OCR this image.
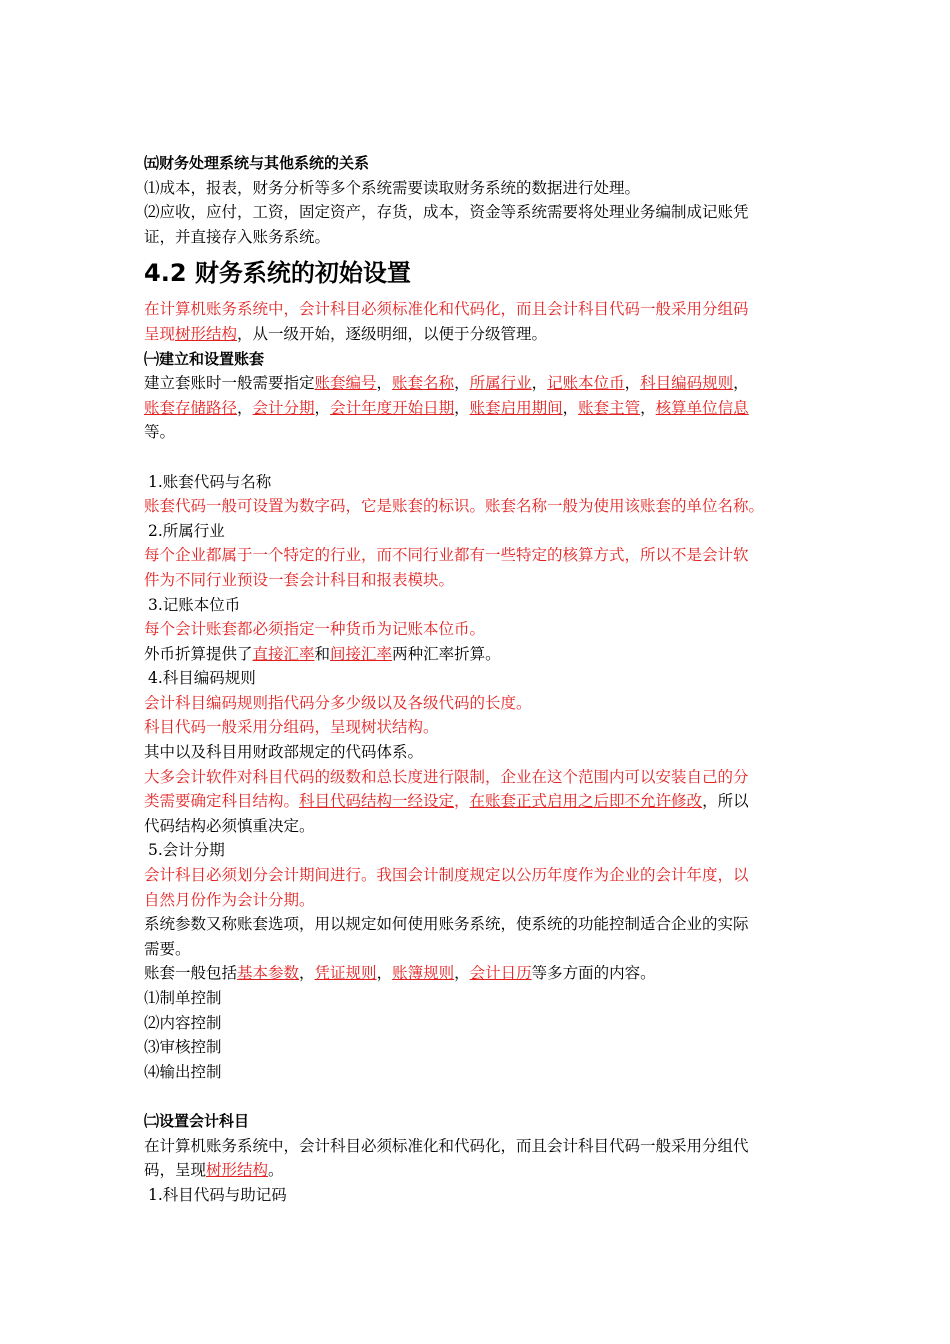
㈤财务处理系统与其他系统的关系
⑴成本，报表，财务分析等多个系统需要读取财务系统的数据进行处理。
⑵应收，应付，工资，固定资产，存货，成本，资金等系统需要将处理业务编制成记账凭
证，并直接存入账务系统。
4.2 财务系统的初始设置
在计算机账务系统中，会计科目必须标准化和代码化，而且会计科目代码一般采用分组码
呈现树形结构，从一级开始，逐级明细，以便于分级管理。
㈠建立和设置账套
建立套账时一般需要指定账套编号，账套名称，所属行业，记账本位币，科目编码规则，
账套存储路径，会计分期，会计年度开始日期，账套启用期间，账套主管，核算单位信息
等。
1.账套代码与名称
账套代码一般可设置为数字码，它是账套的标识。账套名称一般为使用该账套的单位名称。
2.所属行业
每个企业都属于一个特定的行业，而不同行业都有一些特定的核算方式，所以不是会计软
件为不同行业预设一套会计科目和报表模块。
3.记账本位币
每个会计账套都必须指定一种货币为记账本位币。
外币折算提供了直接汇率和间接汇率两种汇率折算。
4.科目编码规则
会计科目编码规则指代码分多少级以及各级代码的长度。
科目代码一般采用分组码，呈现树状结构。
其中以及科目用财政部规定的代码体系。
大多会计软件对科目代码的级数和总长度进行限制，企业在这个范围内可以安装自己的分
类需要确定科目结构。科目代码结构一经设定，在账套正式启用之后即不允许修改，所以
代码结构必须慎重决定。
5.会计分期
会计科目必须划分会计期间进行。我国会计制度规定以公历年度作为企业的会计年度，以
自然月份作为会计分期。
系统参数又称账套选项，用以规定如何使用账务系统，使系统的功能控制适合企业的实际
需要。
账套一般包括基本参数，凭证规则，账簿规则，会计日历等多方面的内容。
⑴制单控制
⑵内容控制
⑶审核控制
⑷输出控制
㈡设置会计科目
在计算机账务系统中，会计科目必须标准化和代码化，而且会计科目代码一般采用分组代
码，呈现树形结构。
1.科目代码与助记码
